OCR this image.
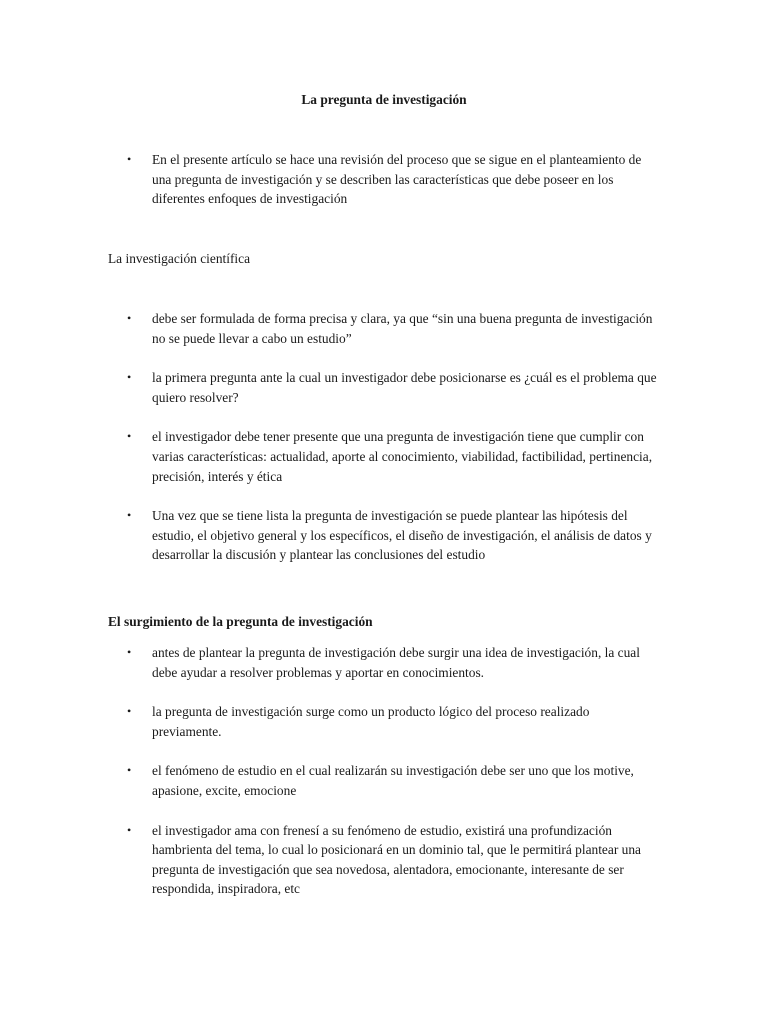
La pregunta de investigación
• En el presente artículo se hace una revisión del proceso que se sigue en el planteamiento de una pregunta de investigación y se describen las características que debe poseer en los diferentes enfoques de investigación
La investigación científica
• debe ser formulada de forma precisa y clara, ya que “sin una buena pregunta de investigación no se puede llevar a cabo un estudio”
• la primera pregunta ante la cual un investigador debe posicionarse es ¿cuál es el problema que quiero resolver?
• el investigador debe tener presente que una pregunta de investigación tiene que cumplir con varias características: actualidad, aporte al conocimiento, viabilidad, factibilidad, pertinencia, precisión, interés y ética
• Una vez que se tiene lista la pregunta de investigación se puede plantear las hipótesis del estudio, el objetivo general y los específicos, el diseño de investigación, el análisis de datos y desarrollar la discusión y plantear las conclusiones del estudio
El surgimiento de la pregunta de investigación
• antes de plantear la pregunta de investigación debe surgir una idea de investigación, la cual debe ayudar a resolver problemas y aportar en conocimientos.
• la pregunta de investigación surge como un producto lógico del proceso realizado previamente.
• el fenómeno de estudio en el cual realizarán su investigación debe ser uno que los motive, apasione, excite, emocione
• el investigador ama con frenesí a su fenómeno de estudio, existirá una profundización hambrienta del tema, lo cual lo posicionará en un dominio tal, que le permitirá plantear una pregunta de investigación que sea novedosa, alentadora, emocionante, interesante de ser respondida, inspiradora, etc
